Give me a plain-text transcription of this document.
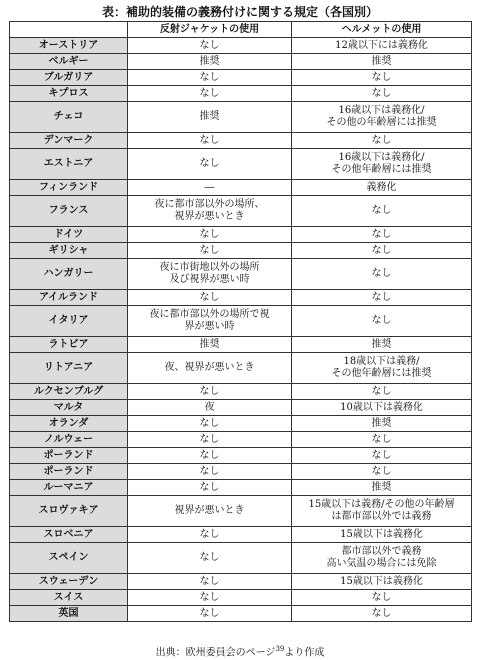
表：補助的装備の義務付けに関する規定（各国別）
	反射ジャケットの使用	ヘルメットの使用
オーストリア	なし	12歳以下には義務化

ベルギー	推奨	推奨

ブルガリア	なし	なし

キプロス	なし	なし

チェコ	推奨	16歳以下は義務化/
その他の年齢層には推奨

デンマーク	なし	なし

エストニア	なし	16歳以下は義務化/
その他年齢層には推奨

フィンランド	―	義務化

フランス	夜に都市部以外の場所、
視界が悪いとき	なし

ドイツ	なし	なし

ギリシャ	なし	なし

ハンガリー	夜に市街地以外の場所
及び視界が悪い時	なし

アイルランド	なし	なし

イタリア	夜に都市部以外の場所で視
界が悪い時	なし

ラトビア	推奨	推奨

リトアニア	夜、視界が悪いとき	18歳以下は義務/
その他年齢層には推奨

ルクセンブルグ	なし	なし

マルタ	夜	10歳以下は義務化

オランダ	なし	推奨

ノルウェー	なし	なし

ポーランド	なし	なし

ポーランド	なし	なし

ルーマニア	なし	推奨

スロヴァキア	視界が悪いとき	15歳以下は義務/その他の年齢層
は都市部以外では義務

スロベニア	なし	15歳以下は義務化

スペイン	なし	都市部以外で義務
高い気温の場合には免除

スウェーデン	なし	15歳以下は義務化

スイス	なし	なし

英国	なし	なし
出典：欧州委員会のページ$^{39}$より作成
